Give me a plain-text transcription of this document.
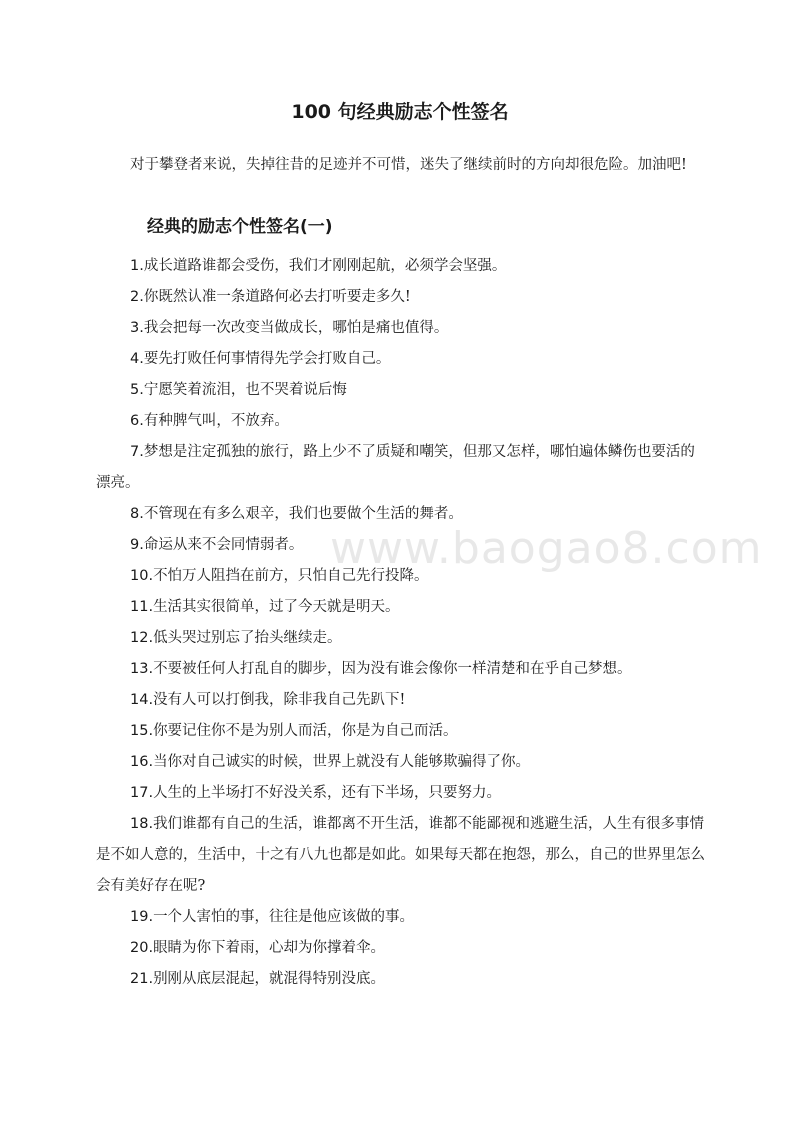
100 句经典励志个性签名

对于攀登者来说，失掉往昔的足迹并不可惜，迷失了继续前时的方向却很危险。加油吧!

经典的励志个性签名(一)
1.成长道路谁都会受伤，我们才刚刚起航，必须学会坚强。
2.你既然认准一条道路何必去打听要走多久!
3.我会把每一次改变当做成长，哪怕是痛也值得。
4.要先打败任何事情得先学会打败自己。
5.宁愿笑着流泪，也不哭着说后悔
6.有种脾气叫，不放弃。
7.梦想是注定孤独的旅行，路上少不了质疑和嘲笑，但那又怎样，哪怕遍体鳞伤也要活的漂亮。
8.不管现在有多么艰辛，我们也要做个生活的舞者。
9.命运从来不会同情弱者。
10.不怕万人阻挡在前方，只怕自己先行投降。
11.生活其实很简单，过了今天就是明天。
12.低头哭过别忘了抬头继续走。
13.不要被任何人打乱自的脚步，因为没有谁会像你一样清楚和在乎自己梦想。
14.没有人可以打倒我，除非我自己先趴下!
15.你要记住你不是为别人而活，你是为自己而活。
16.当你对自己诚实的时候，世界上就没有人能够欺骗得了你。
17.人生的上半场打不好没关系，还有下半场，只要努力。
18.我们谁都有自己的生活，谁都离不开生活，谁都不能鄙视和逃避生活，人生有很多事情是不如人意的，生活中，十之有八九也都是如此。如果每天都在抱怨，那么，自己的世界里怎么会有美好存在呢?
19.一个人害怕的事，往往是他应该做的事。
20.眼睛为你下着雨，心却为你撑着伞。
21.别刚从底层混起，就混得特别没底。
www.baogao8.com
